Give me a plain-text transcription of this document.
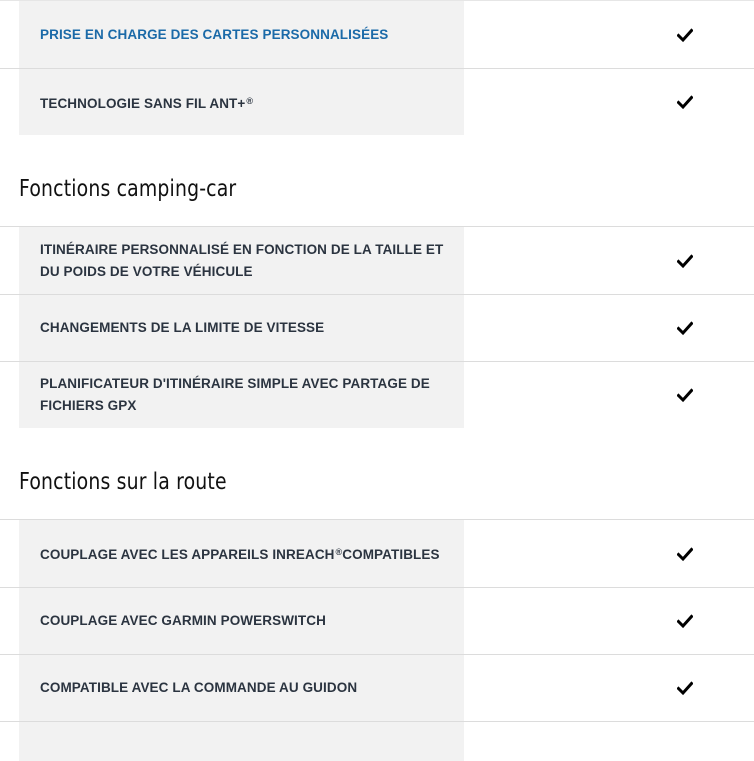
PRISE EN CHARGE DES CARTES PERSONNALISÉES
TECHNOLOGIE SANS FIL ANT+®
Fonctions camping-car
ITINÉRAIRE PERSONNALISÉ EN FONCTION DE LA TAILLE ET
DU POIDS DE VOTRE VÉHICULE
CHANGEMENTS DE LA LIMITE DE VITESSE
PLANIFICATEUR D'ITINÉRAIRE SIMPLE AVEC PARTAGE DE
FICHIERS GPX
Fonctions sur la route
COUPLAGE AVEC LES APPAREILS INREACH®COMPATIBLES
COUPLAGE AVEC GARMIN POWERSWITCH
COMPATIBLE AVEC LA COMMANDE AU GUIDON
